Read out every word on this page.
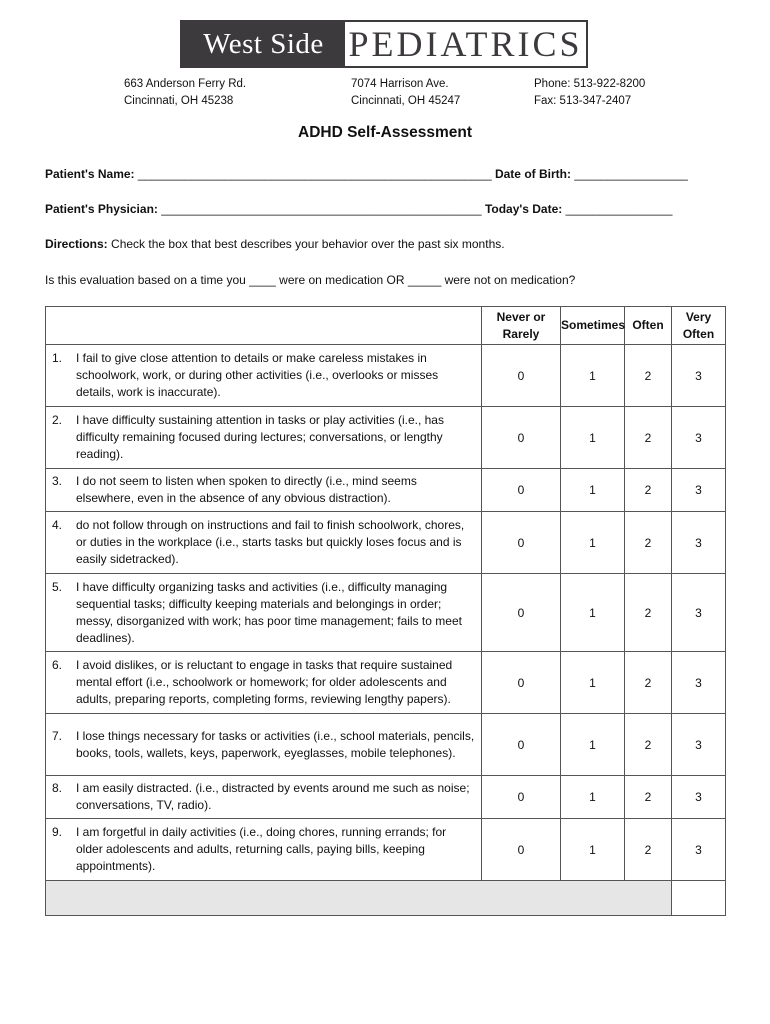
West Side PEDIATRICS
663 Anderson Ferry Rd.
Cincinnati, OH 45238
7074 Harrison Ave.
Cincinnati, OH 45247
Phone: 513-922-8200
Fax: 513-347-2407
ADHD Self-Assessment
Patient's Name: _____________________________________________________ Date of Birth: _________________
Patient's Physician: ________________________________________________ Today's Date: ________________
Directions: Check the box that best describes your behavior over the past six months.
Is this evaluation based on a time you ____ were on medication OR _____ were not on medication?
	Never or Rarely	Sometimes	Often	Very Often

1. I fail to give close attention to details or make careless mistakes in schoolwork, work, or during other activities (i.e., overlooks or misses details, work is inaccurate).	0	1	2	3

2. I have difficulty sustaining attention in tasks or play activities (i.e., has difficulty remaining focused during lectures; conversations, or lengthy reading).	0	1	2	3

3. I do not seem to listen when spoken to directly (i.e., mind seems elsewhere, even in the absence of any obvious distraction).	0	1	2	3

4. do not follow through on instructions and fail to finish schoolwork, chores, or duties in the workplace (i.e., starts tasks but quickly loses focus and is easily sidetracked).	0	1	2	3

5. I have difficulty organizing tasks and activities (i.e., difficulty managing sequential tasks; difficulty keeping materials and belongings in order; messy, disorganized with work; has poor time management; fails to meet deadlines).	0	1	2	3

6. I avoid dislikes, or is reluctant to engage in tasks that require sustained mental effort (i.e., schoolwork or homework; for older adolescents and adults, preparing reports, completing forms, reviewing lengthy papers).	0	1	2	3

7. I lose things necessary for tasks or activities (i.e., school materials, pencils, books, tools, wallets, keys, paperwork, eyeglasses, mobile telephones).	0	1	2	3

8. I am easily distracted. (i.e., distracted by events around me such as noise; conversations, TV, radio).	0	1	2	3

9. I am forgetful in daily activities (i.e., doing chores, running errands; for older adolescents and adults, returning calls, paying bills, keeping appointments).	0	1	2	3
